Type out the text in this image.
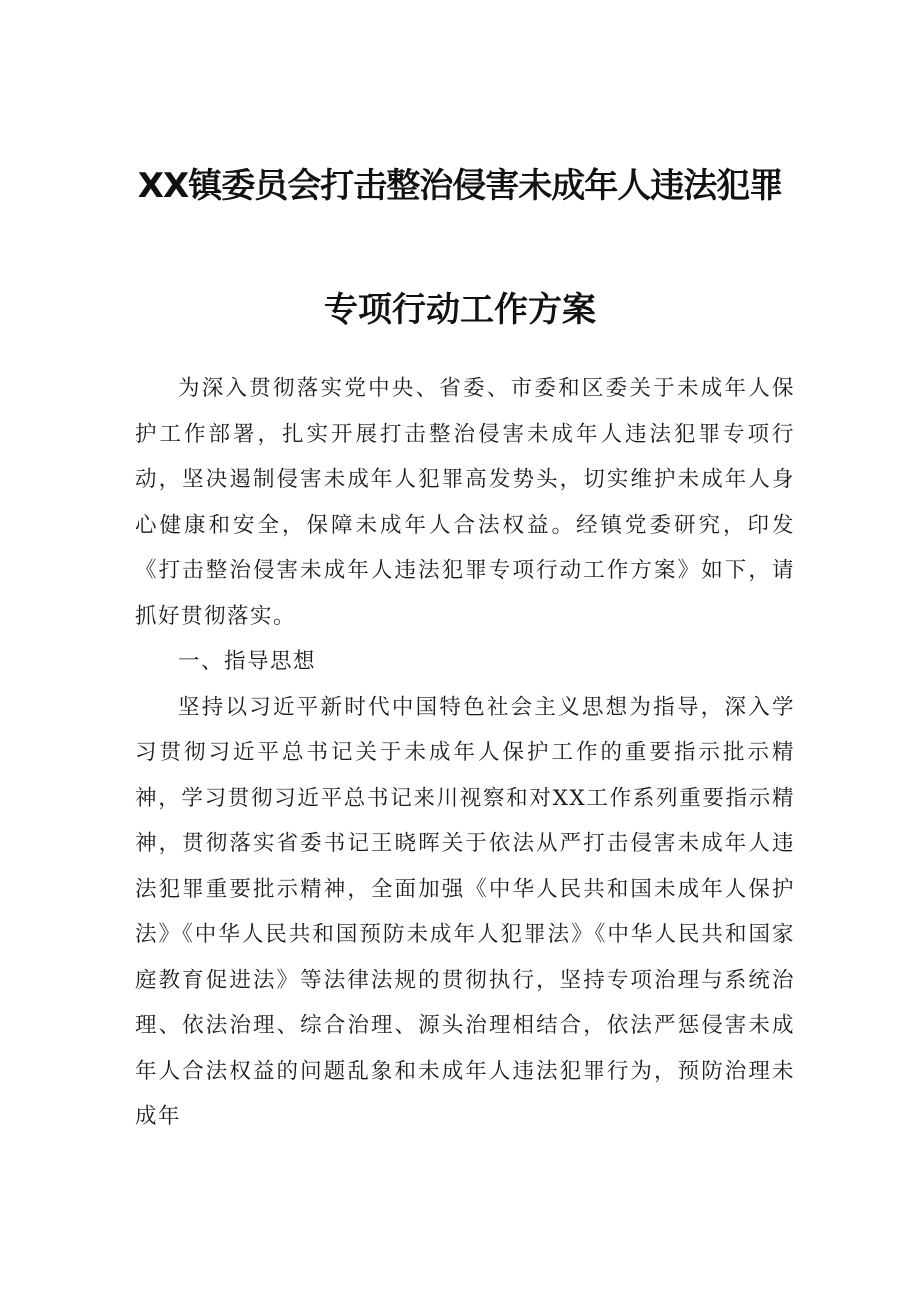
XX镇委员会打击整治侵害未成年人违法犯罪
专项行动工作方案

为深入贯彻落实党中央、省委、市委和区委关于未成年人保护工作部署，扎实开展打击整治侵害未成年人违法犯罪专项行动，坚决遏制侵害未成年人犯罪高发势头，切实维护未成年人身心健康和安全，保障未成年人合法权益。经镇党委研究，印发《打击整治侵害未成年人违法犯罪专项行动工作方案》如下，请抓好贯彻落实。

一、指导思想

坚持以习近平新时代中国特色社会主义思想为指导，深入学习贯彻习近平总书记关于未成年人保护工作的重要指示批示精神，学习贯彻习近平总书记来川视察和对XX工作系列重要指示精神，贯彻落实省委书记王晓晖关于依法从严打击侵害未成年人违法犯罪重要批示精神，全面加强《中华人民共和国未成年人保护法》《中华人民共和国预防未成年人犯罪法》《中华人民共和国家庭教育促进法》等法律法规的贯彻执行，坚持专项治理与系统治理、依法治理、综合治理、源头治理相结合，依法严惩侵害未成年人合法权益的问题乱象和未成年人违法犯罪行为，预防治理未成年
